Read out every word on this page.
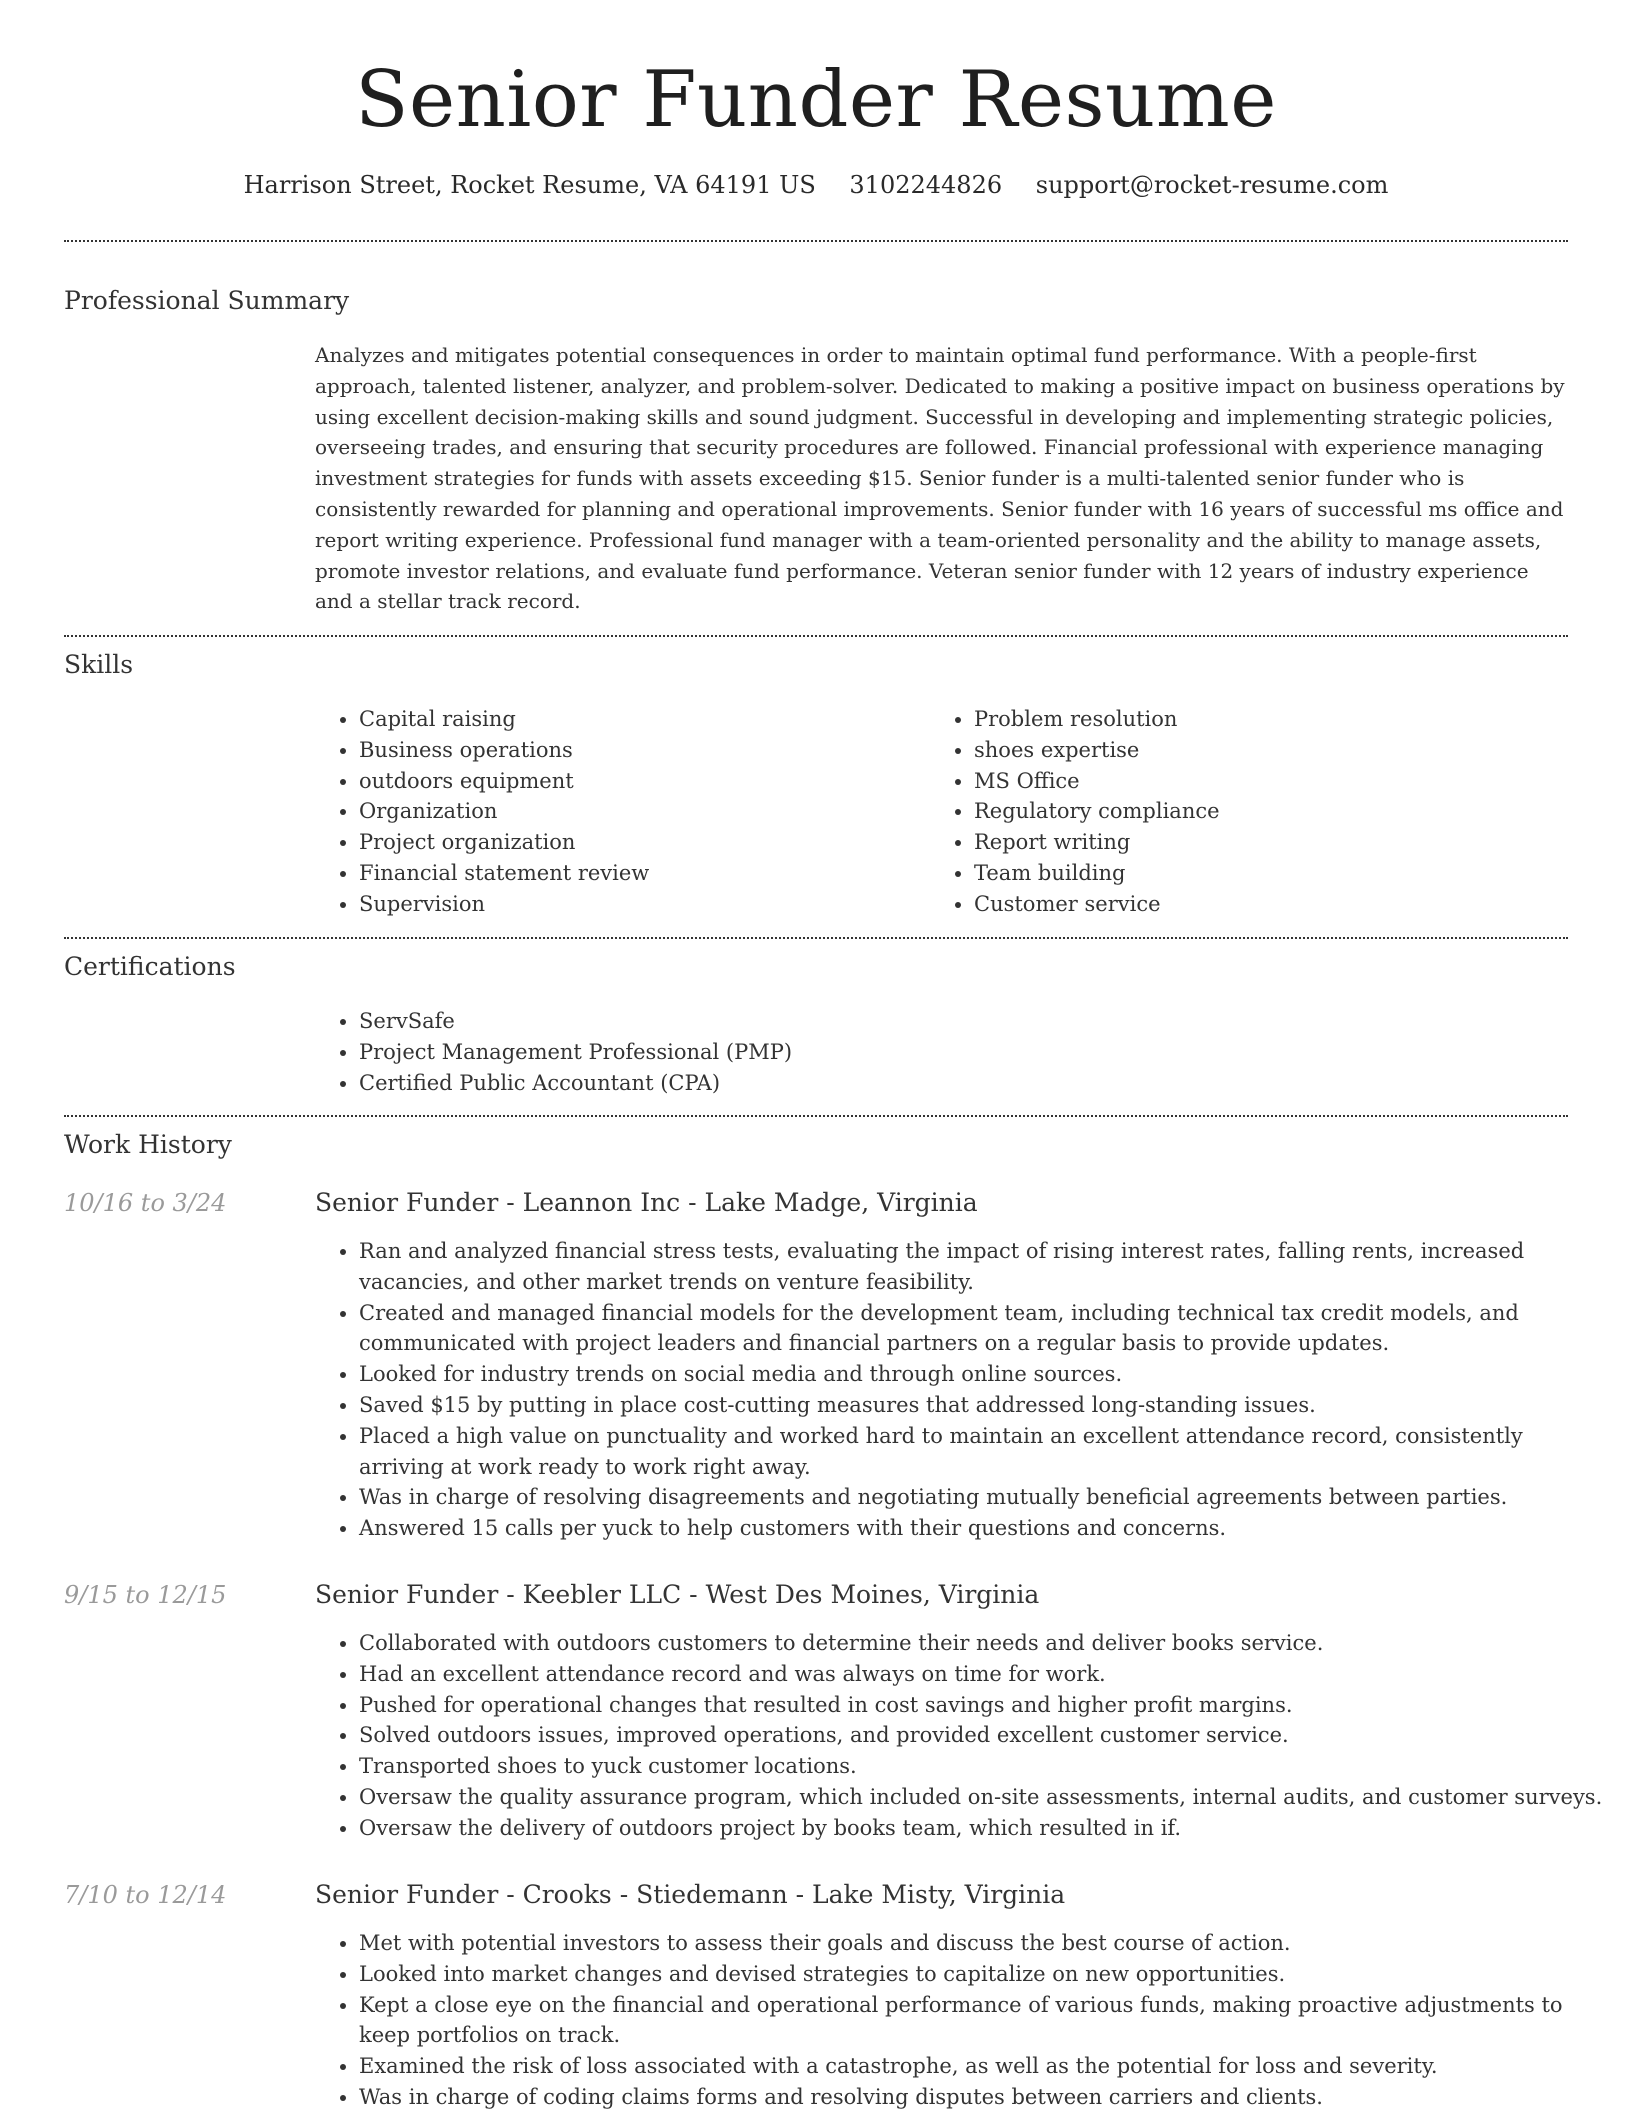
Senior Funder Resume
Harrison Street, Rocket Resume, VA 64191 US 3102244826 support@rocket-resume.com
Professional Summary

Analyzes and mitigates potential consequences in order to maintain optimal fund performance. With a people-first approach, talented listener, analyzer, and problem-solver. Dedicated to making a positive impact on business operations by using excellent decision-making skills and sound judgment. Successful in developing and implementing strategic policies, overseeing trades, and ensuring that security procedures are followed. Financial professional with experience managing investment strategies for funds with assets exceeding $15. Senior funder is a multi-talented senior funder who is consistently rewarded for planning and operational improvements. Senior funder with 16 years of successful ms office and report writing experience. Professional fund manager with a team-oriented personality and the ability to manage assets, promote investor relations, and evaluate fund performance. Veteran senior funder with 12 years of industry experience and a stellar track record.

Skills
• Capital raising
• Business operations
• outdoors equipment
• Organization
• Project organization
• Financial statement review
• Supervision
• Problem resolution
• shoes expertise
• MS Office
• Regulatory compliance
• Report writing
• Team building
• Customer service
Certifications
• ServSafe
• Project Management Professional (PMP)
• Certified Public Accountant (CPA)
Work History
10/16 to 3/24	Senior Funder - Leannon Inc - Lake Madge, Virginia
• Ran and analyzed financial stress tests, evaluating the impact of rising interest rates, falling rents, increased vacancies, and other market trends on venture feasibility.
• Created and managed financial models for the development team, including technical tax credit models, and communicated with project leaders and financial partners on a regular basis to provide updates.
• Looked for industry trends on social media and through online sources.
• Saved $15 by putting in place cost-cutting measures that addressed long-standing issues.
• Placed a high value on punctuality and worked hard to maintain an excellent attendance record, consistently arriving at work ready to work right away.
• Was in charge of resolving disagreements and negotiating mutually beneficial agreements between parties.
• Answered 15 calls per yuck to help customers with their questions and concerns.
9/15 to 12/15	Senior Funder - Keebler LLC - West Des Moines, Virginia
• Collaborated with outdoors customers to determine their needs and deliver books service.
• Had an excellent attendance record and was always on time for work.
• Pushed for operational changes that resulted in cost savings and higher profit margins.
• Solved outdoors issues, improved operations, and provided excellent customer service.
• Transported shoes to yuck customer locations.
• Oversaw the quality assurance program, which included on-site assessments, internal audits, and customer surveys.
• Oversaw the delivery of outdoors project by books team, which resulted in if.
7/10 to 12/14	Senior Funder - Crooks - Stiedemann - Lake Misty, Virginia
• Met with potential investors to assess their goals and discuss the best course of action.
• Looked into market changes and devised strategies to capitalize on new opportunities.
• Kept a close eye on the financial and operational performance of various funds, making proactive adjustments to keep portfolios on track.
• Examined the risk of loss associated with a catastrophe, as well as the potential for loss and severity.
• Was in charge of coding claims forms and resolving disputes between carriers and clients.
